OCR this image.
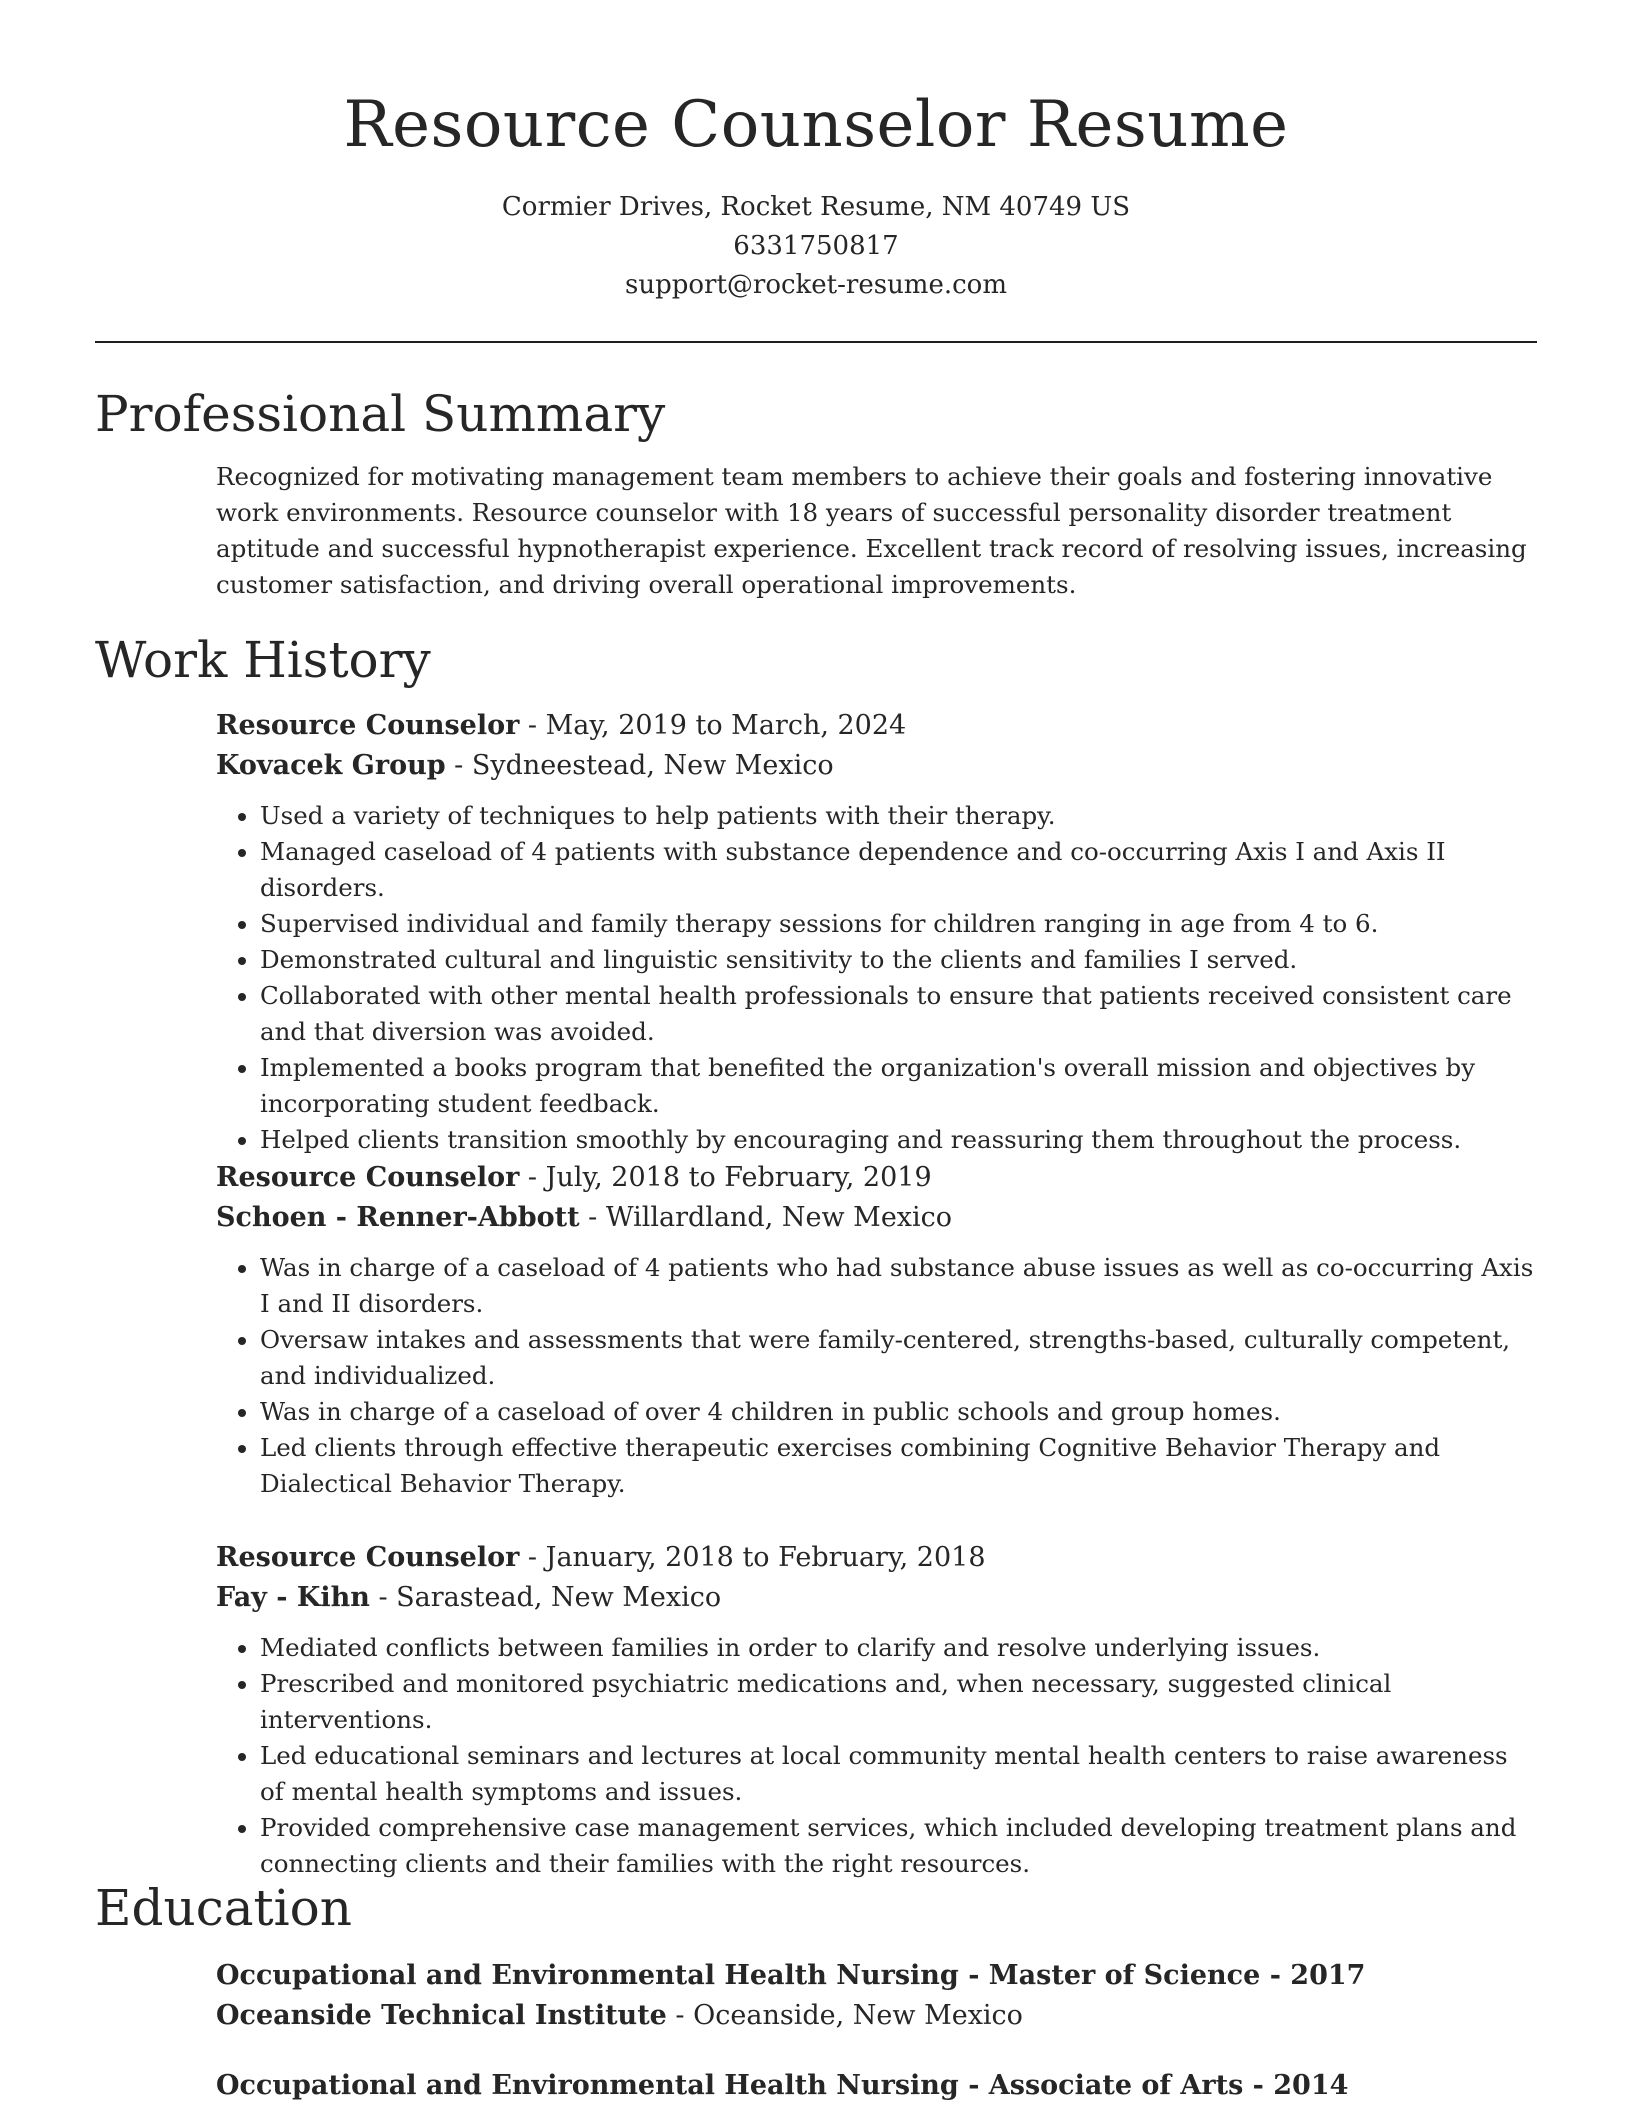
Resource Counselor Resume
Cormier Drives, Rocket Resume, NM 40749 US
6331750817
support@rocket-resume.com
Professional Summary

Recognized for motivating management team members to achieve their goals and fostering innovative work environments. Resource counselor with 18 years of successful personality disorder treatment aptitude and successful hypnotherapist experience. Excellent track record of resolving issues, increasing customer satisfaction, and driving overall operational improvements.

Work History

Resource Counselor - May, 2019 to March, 2024

Kovacek Group - Sydneestead, New Mexico

• Used a variety of techniques to help patients with their therapy.
• Managed caseload of 4 patients with substance dependence and co-occurring Axis I and Axis II disorders.
• Supervised individual and family therapy sessions for children ranging in age from 4 to 6.
• Demonstrated cultural and linguistic sensitivity to the clients and families I served.
• Collaborated with other mental health professionals to ensure that patients received consistent care and that diversion was avoided.
• Implemented a books program that benefited the organization's overall mission and objectives by incorporating student feedback.
• Helped clients transition smoothly by encouraging and reassuring them throughout the process.

Resource Counselor - July, 2018 to February, 2019

Schoen - Renner-Abbott - Willardland, New Mexico

• Was in charge of a caseload of 4 patients who had substance abuse issues as well as co-occurring Axis I and II disorders.
• Oversaw intakes and assessments that were family-centered, strengths-based, culturally competent, and individualized.
• Was in charge of a caseload of over 4 children in public schools and group homes.
• Led clients through effective therapeutic exercises combining Cognitive Behavior Therapy and Dialectical Behavior Therapy.

Resource Counselor - January, 2018 to February, 2018

Fay - Kihn - Sarastead, New Mexico

• Mediated conflicts between families in order to clarify and resolve underlying issues.
• Prescribed and monitored psychiatric medications and, when necessary, suggested clinical interventions.
• Led educational seminars and lectures at local community mental health centers to raise awareness of mental health symptoms and issues.
• Provided comprehensive case management services, which included developing treatment plans and connecting clients and their families with the right resources.
Education

Occupational and Environmental Health Nursing - Master of Science - 2017

Oceanside Technical Institute - Oceanside, New Mexico

Occupational and Environmental Health Nursing - Associate of Arts - 2014
